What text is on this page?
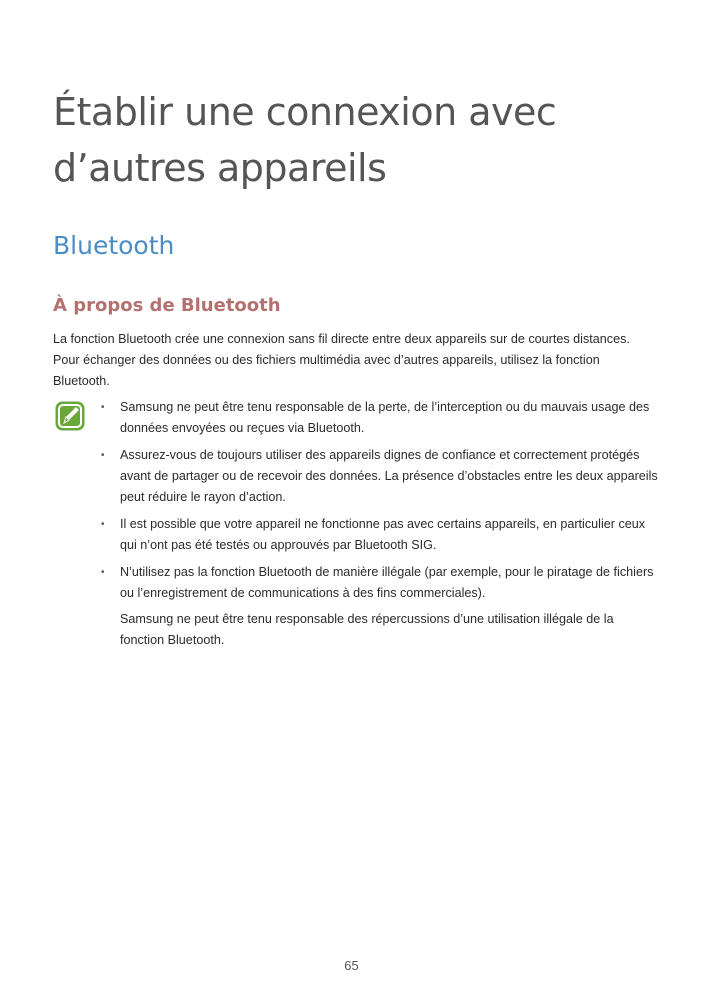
Établir une connexion avec
d’autres appareils
Bluetooth
À propos de Bluetooth

La fonction Bluetooth crée une connexion sans fil directe entre deux appareils sur de courtes distances. Pour échanger des données ou des fichiers multimédia avec d’autres appareils, utilisez la fonction Bluetooth.

• Samsung ne peut être tenu responsable de la perte, de l’interception ou du mauvais usage des données envoyées ou reçues via Bluetooth.
• Assurez-vous de toujours utiliser des appareils dignes de confiance et correctement protégés avant de partager ou de recevoir des données. La présence d’obstacles entre les deux appareils peut réduire le rayon d’action.
• Il est possible que votre appareil ne fonctionne pas avec certains appareils, en particulier ceux qui n’ont pas été testés ou approuvés par Bluetooth SIG.
• N’utilisez pas la fonction Bluetooth de manière illégale (par exemple, pour le piratage de fichiers ou l’enregistrement de communications à des fins commerciales).
Samsung ne peut être tenu responsable des répercussions d’une utilisation illégale de la fonction Bluetooth.
65
